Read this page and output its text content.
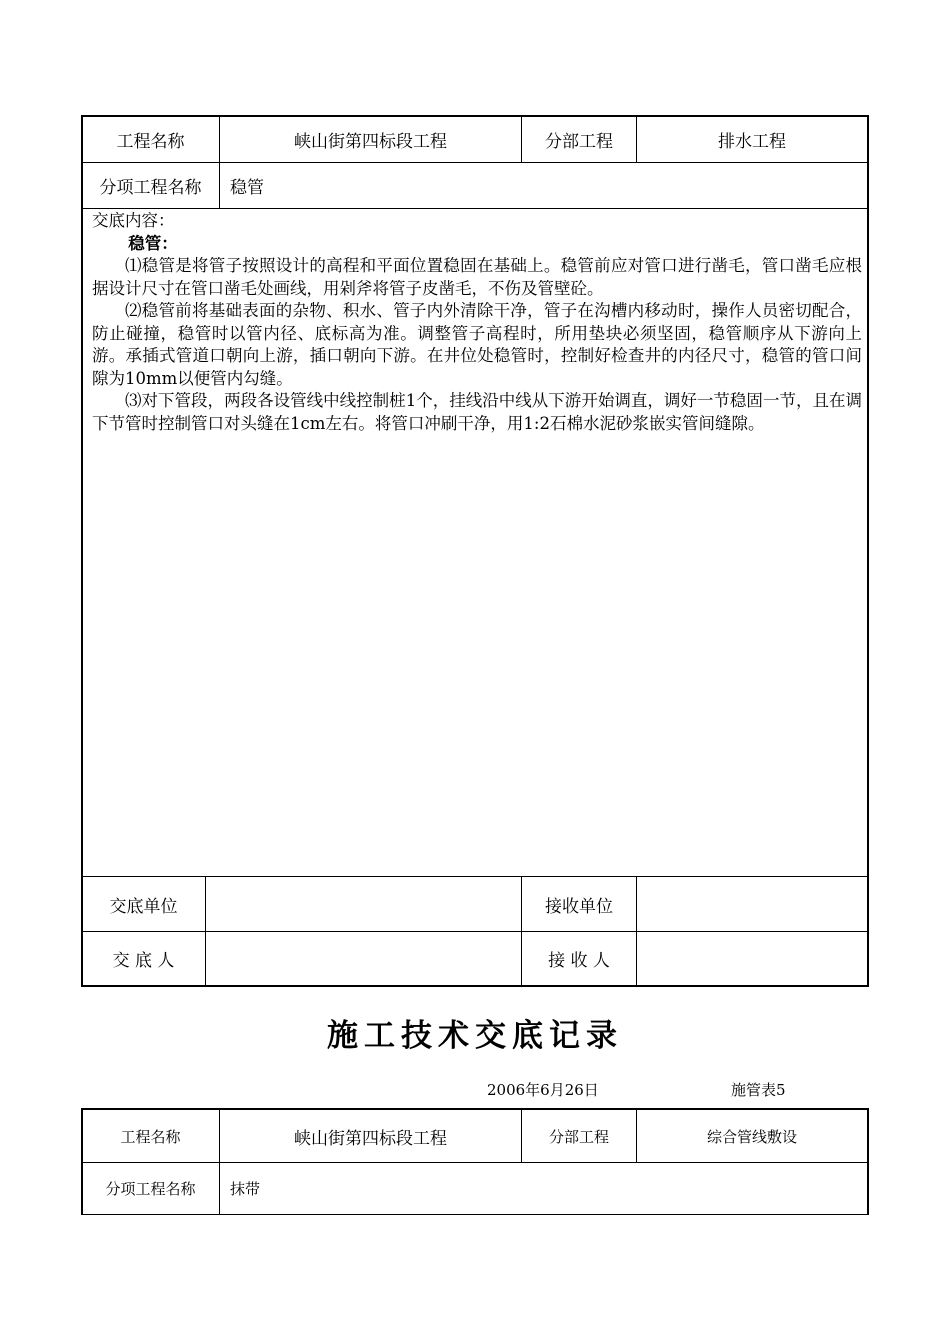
工程名称	峡山街第四标段工程	分部工程	排水工程
分项工程名称	稳管

交底内容：

稳管：

⑴稳管是将管子按照设计的高程和平面位置稳固在基础上。稳管前应对管口进行凿毛，管口凿毛应根据设计尺寸在管口凿毛处画线，用剁斧将管子皮凿毛，不伤及管壁砼。

⑵稳管前将基础表面的杂物、积水、管子内外清除干净，管子在沟槽内移动时，操作人员密切配合，防止碰撞，稳管时以管内径、底标高为准。调整管子高程时，所用垫块必须坚固，稳管顺序从下游向上游。承插式管道口朝向上游，插口朝向下游。在井位处稳管时，控制好检查井的内径尺寸，稳管的管口间隙为10mm以便管内勾缝。

⑶对下管段，两段各设管线中线控制桩1个，挂线沿中线从下游开始调直，调好一节稳固一节，且在调下节管时控制管口对头缝在1cm左右。将管口冲刷干净，用1:2石棉水泥砂浆嵌实管间缝隙。

交底单位	接收单位
交 底 人	接 收 人
施工技术交底记录
2006年6月26日	施管表5
工程名称	峡山街第四标段工程	分部工程	综合管线敷设
分项工程名称	抹带
